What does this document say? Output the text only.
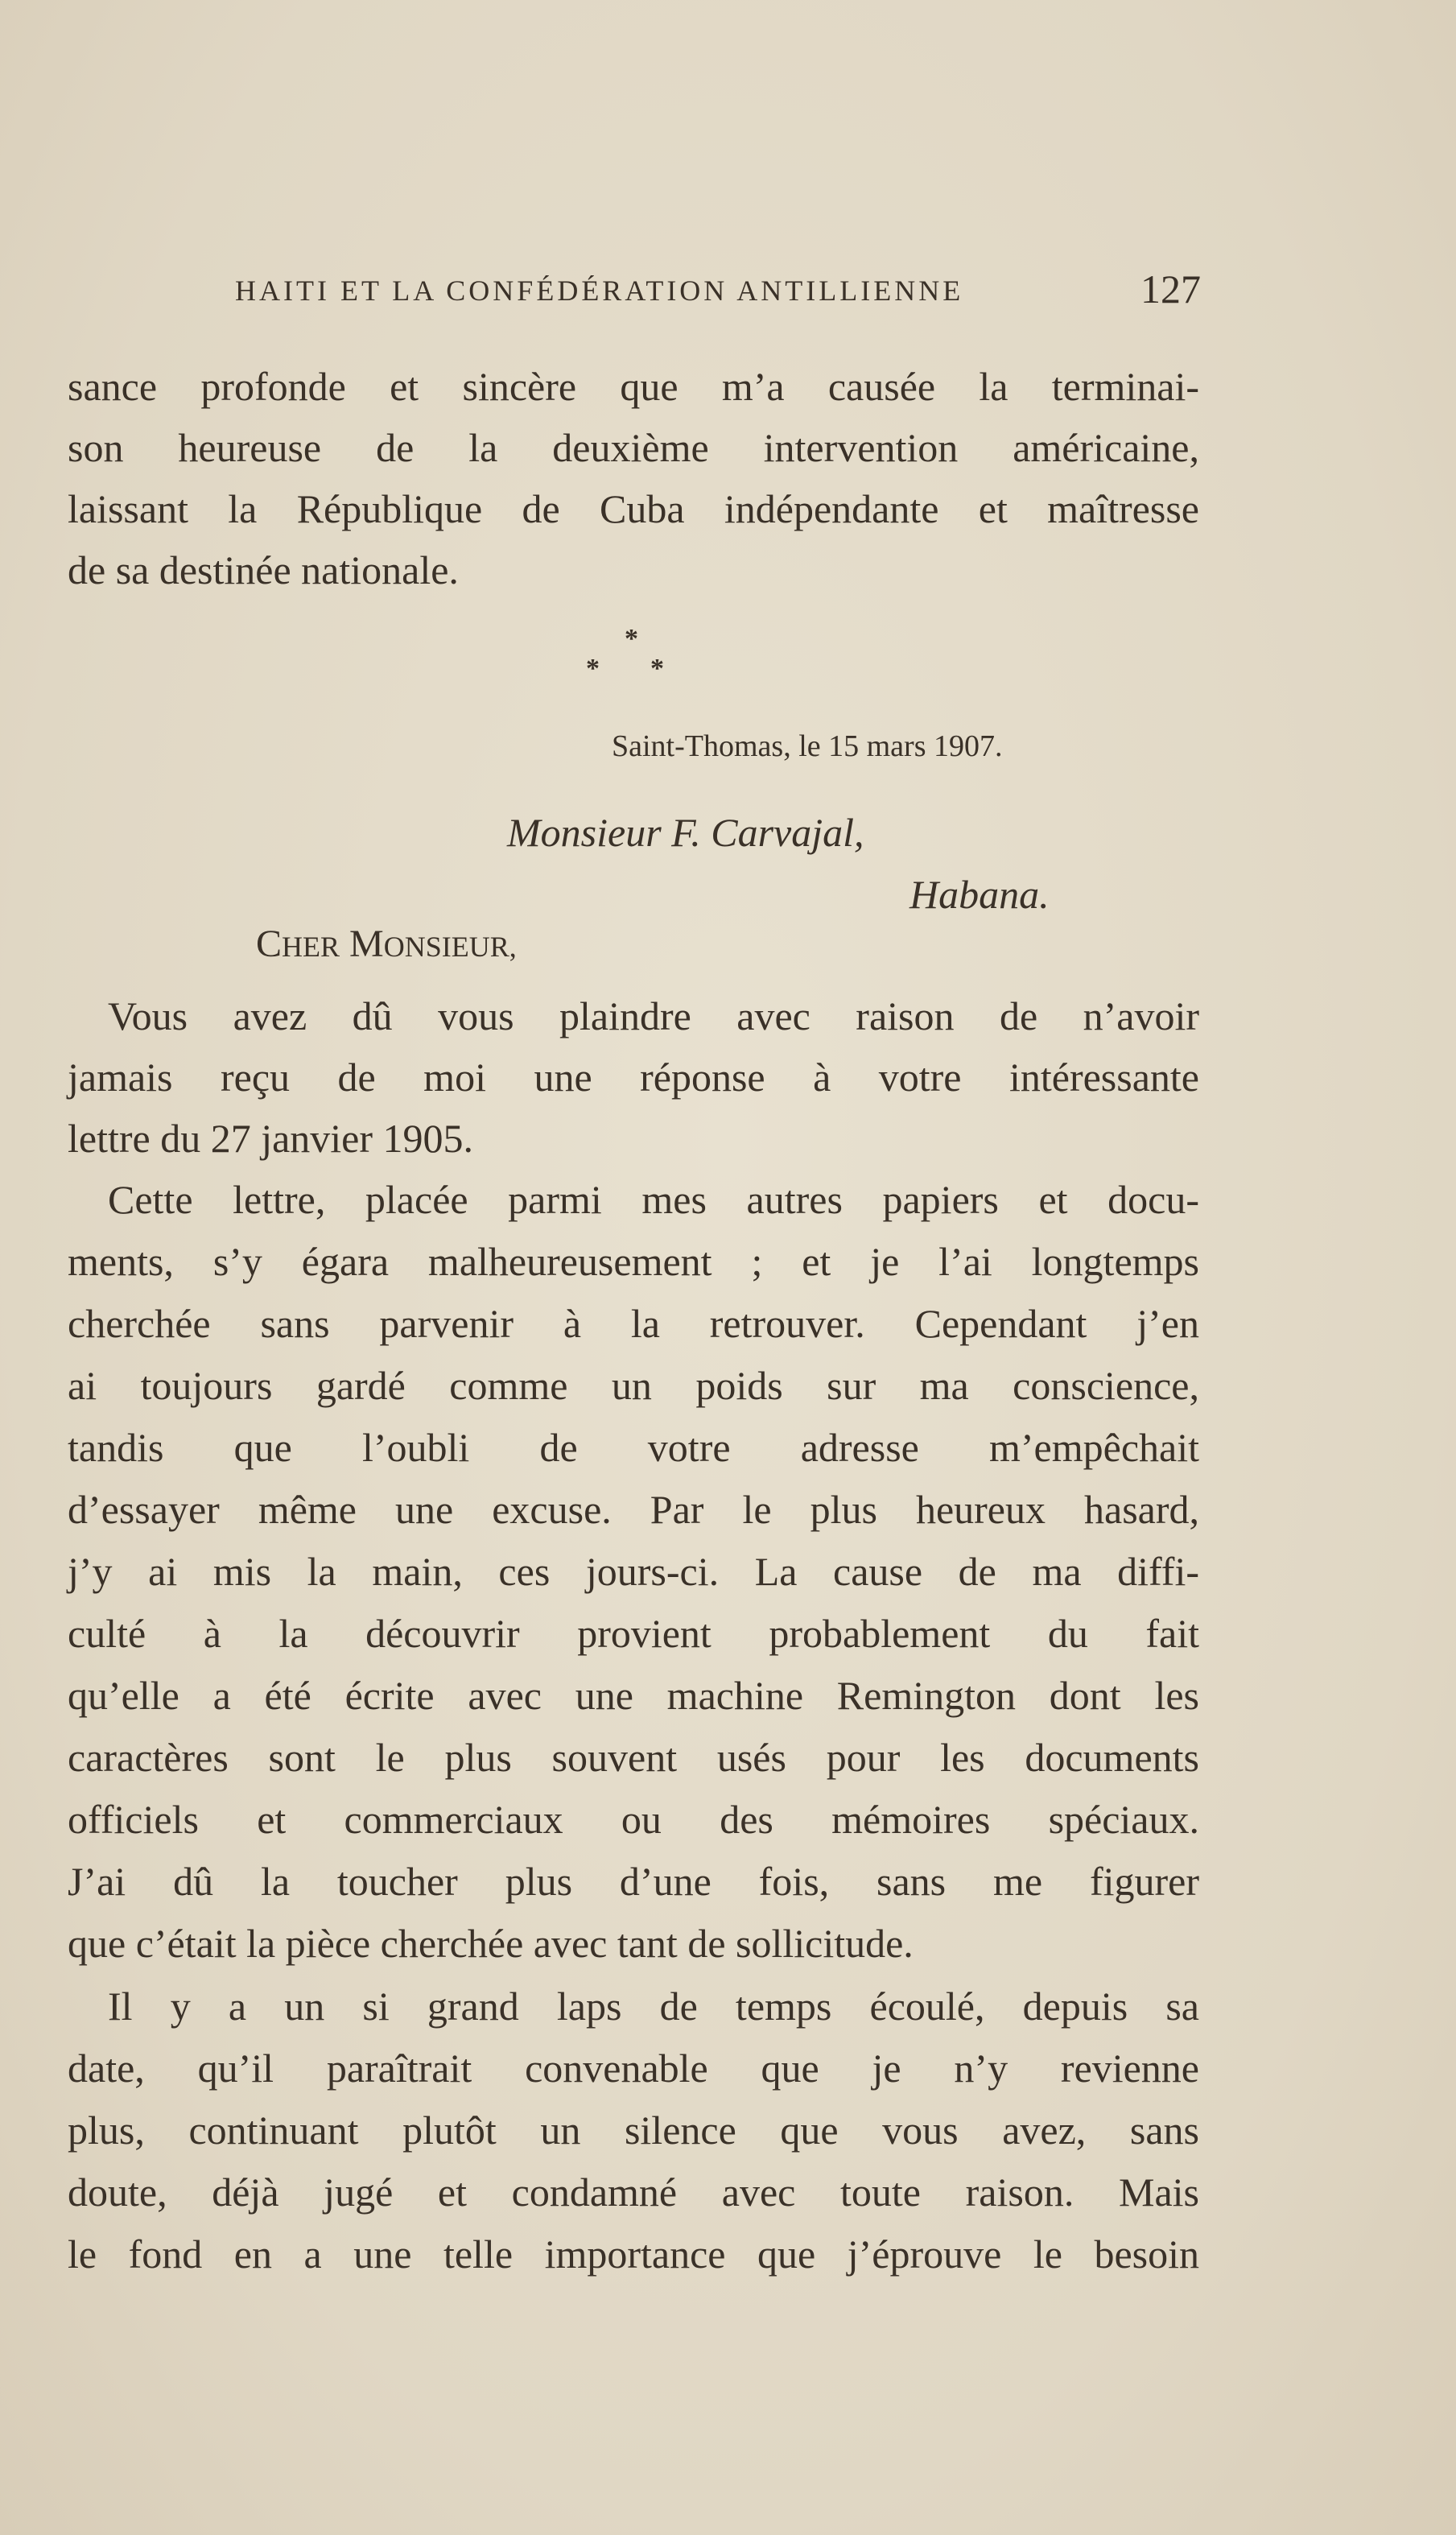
HAITI ET LA CONFÉDÉRATION ANTILLIENNE	127
sance profonde et sincère que m’a causée la terminai-
son heureuse de la deuxième intervention américaine,
laissant la République de Cuba indépendante et maîtresse
de sa destinée nationale.
*
* *
Saint-Thomas, le 15 mars 1907.
Monsieur F. Carvajal,
Habana.
CHER MONSIEUR,
Vous avez dû vous plaindre avec raison de n’avoir
jamais reçu de moi une réponse à votre intéressante
lettre du 27 janvier 1905.
Cette lettre, placée parmi mes autres papiers et docu-
ments, s’y égara malheureusement ; et je l’ai longtemps
cherchée sans parvenir à la retrouver. Cependant j’en
ai toujours gardé comme un poids sur ma conscience,
tandis que l’oubli de votre adresse m’empêchait
d’essayer même une excuse. Par le plus heureux hasard,
j’y ai mis la main, ces jours-ci. La cause de ma diffi-
culté à la découvrir provient probablement du fait
qu’elle a été écrite avec une machine Remington dont les
caractères sont le plus souvent usés pour les documents
officiels et commerciaux ou des mémoires spéciaux.
J’ai dû la toucher plus d’une fois, sans me figurer
que c’était la pièce cherchée avec tant de sollicitude.
Il y a un si grand laps de temps écoulé, depuis sa
date, qu’il paraîtrait convenable que je n’y revienne
plus, continuant plutôt un silence que vous avez, sans
doute, déjà jugé et condamné avec toute raison. Mais
le fond en a une telle importance que j’éprouve le besoin
